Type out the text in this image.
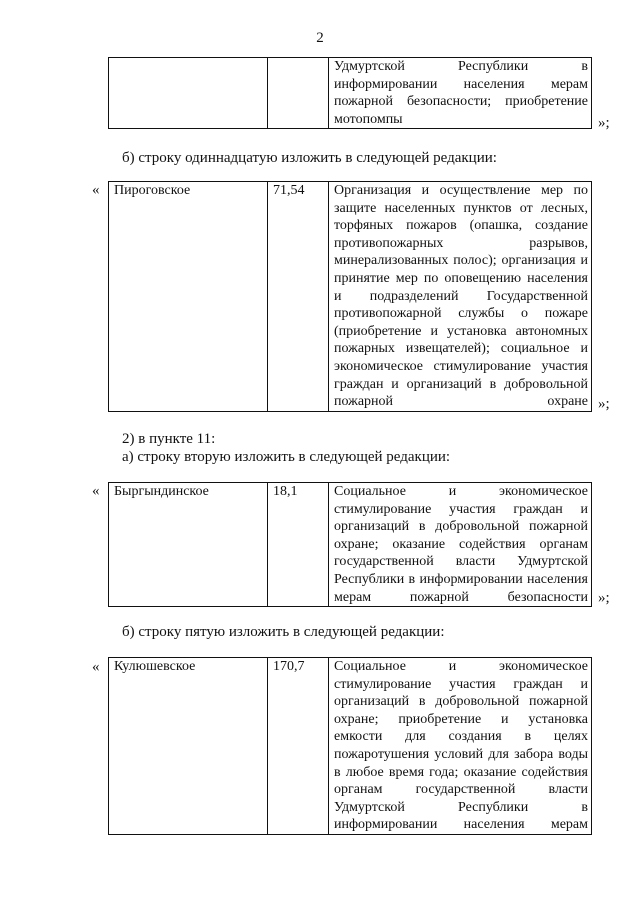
2
		Удмуртской Республики в информировании населения мерам пожарной безопасности; приобретение мотопомпы	»;
б) строку одиннадцатую изложить в следующей редакции:
« Пироговское	71,54	Организация и осуществление мер по защите населенных пунктов от лесных, торфяных пожаров (опашка, создание противопожарных разрывов, минерализованных полос); организация и принятие мер по оповещению населения и подразделений Государственной противопожарной службы о пожаре (приобретение и установка автономных пожарных извещателей); социальное и экономическое стимулирование участия граждан и организаций в добровольной пожарной охране »;
2) в пункте 11:
а) строку вторую изложить в следующей редакции:
« Быргындинское	18,1	Социальное и экономическое стимулирование участия граждан и организаций в добровольной пожарной охране; оказание содействия органам государственной власти Удмуртской Республики в информировании населения мерам пожарной безопасности »;
б) строку пятую изложить в следующей редакции:
« Кулюшевское	170,7	Социальное и экономическое стимулирование участия граждан и организаций в добровольной пожарной охране; приобретение и установка емкости для создания в целях пожаротушения условий для забора воды в любое время года; оказание содействия органам государственной власти Удмуртской Республики в информировании населения мерам
